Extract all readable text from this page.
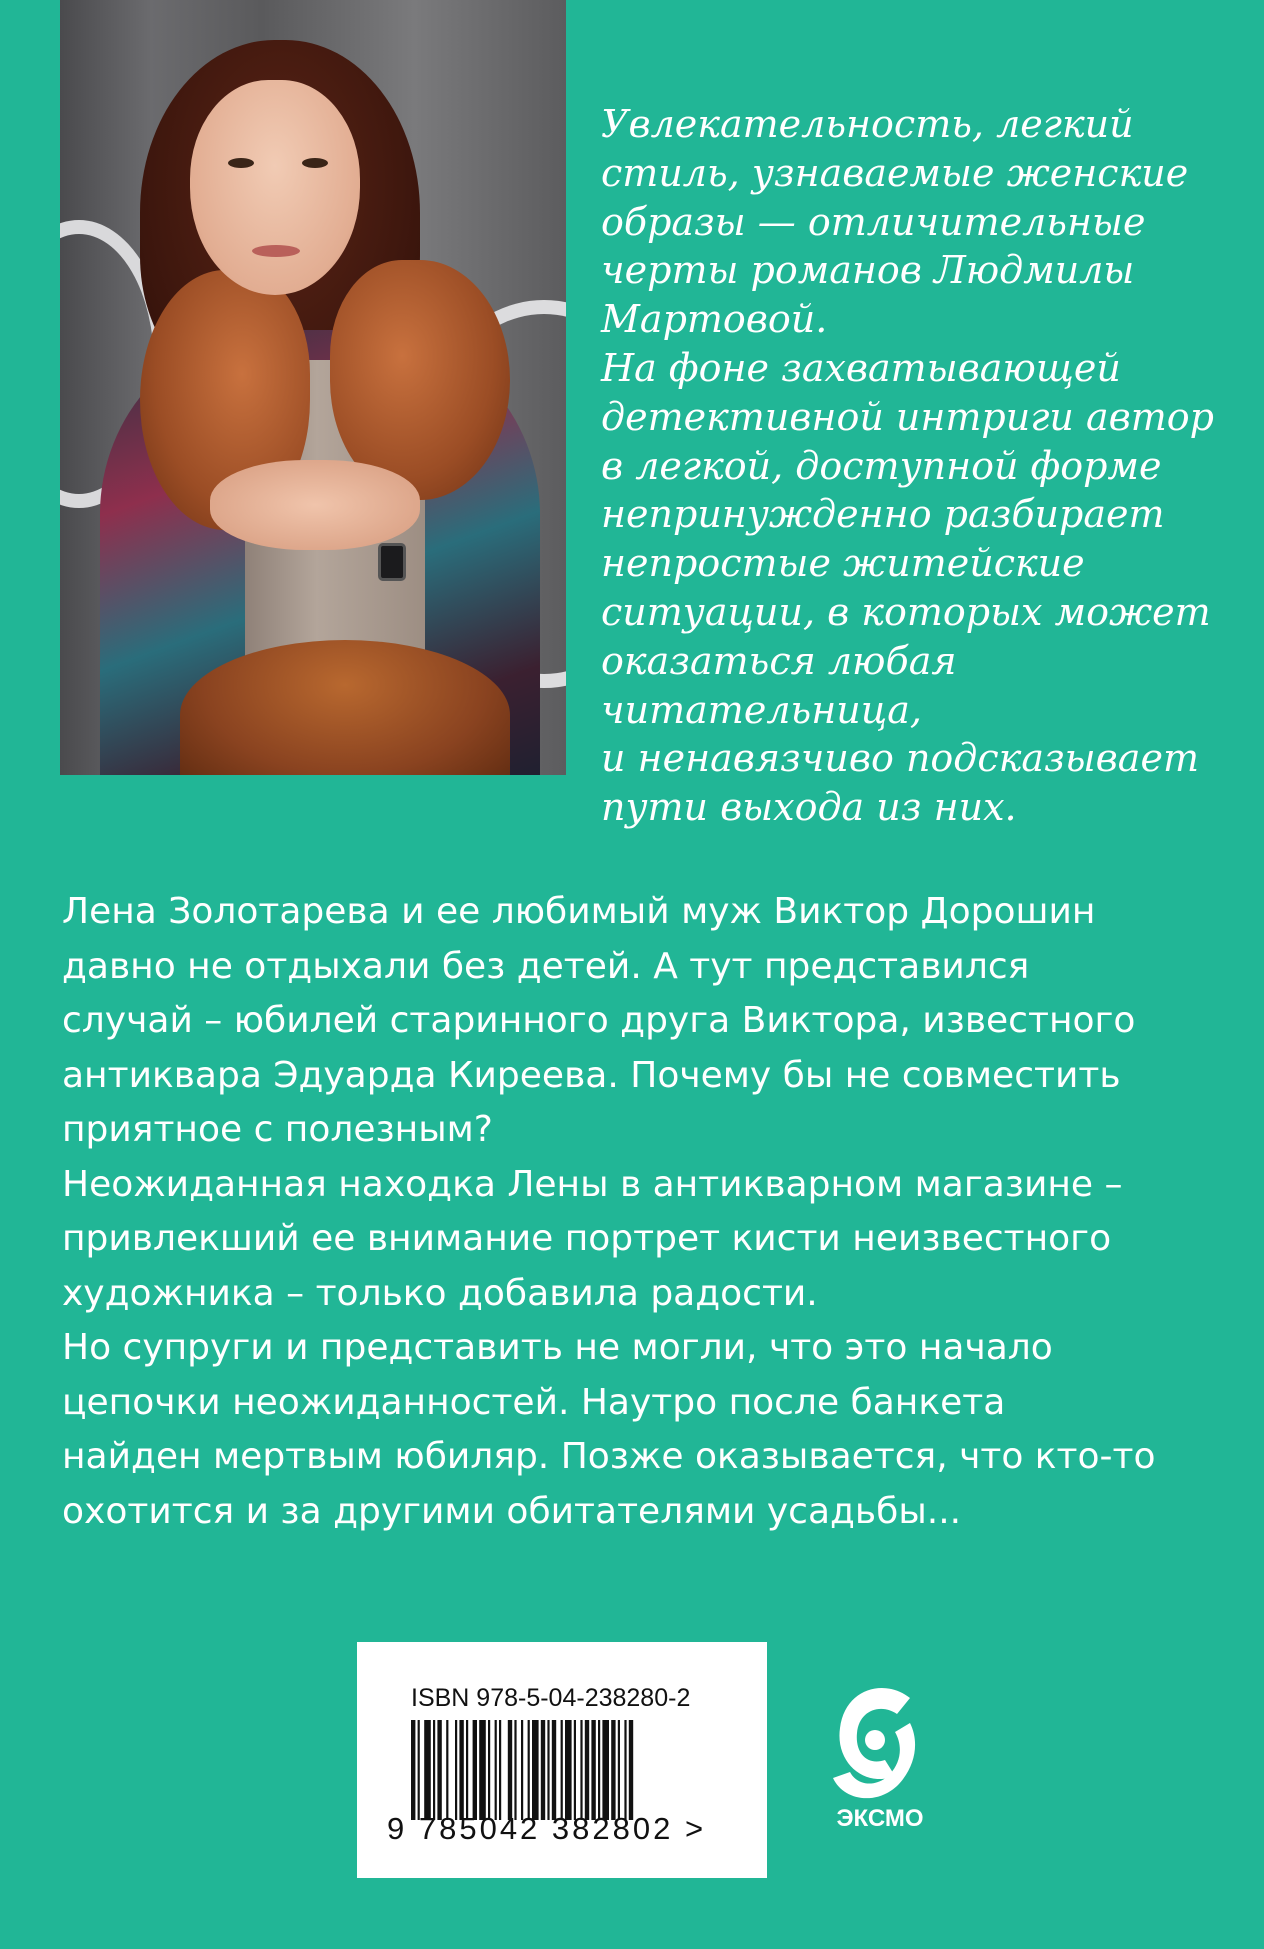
Увлекательность, легкий

стиль, узнаваемые женские

образы — отличительные

черты романов Людмилы

Мартовой.

На фоне захватывающей

детективной интриги автор

в легкой, доступной форме

непринужденно разбирает

непростые житейские

ситуации, в которых может

оказаться любая читательница,

и ненавязчиво подсказывает

пути выхода из них.

Лена Золотарева и ее любимый муж Виктор Дорошин

давно не отдыхали без детей. А тут представился

случай – юбилей старинного друга Виктора, известного

антиквара Эдуарда Киреева. Почему бы не совместить

приятное с полезным?

Неожиданная находка Лены в антикварном магазине –

привлекший ее внимание портрет кисти неизвестного

художника – только добавила радости.

Но супруги и представить не могли, что это начало

цепочки неожиданностей. Наутро после банкета

найден мертвым юбиляр. Позже оказывается, что кто-то

охотится и за другими обитателями усадьбы...

ISBN 978-5-04-238280-2
9 785042 382802 >	ЭКСМО
